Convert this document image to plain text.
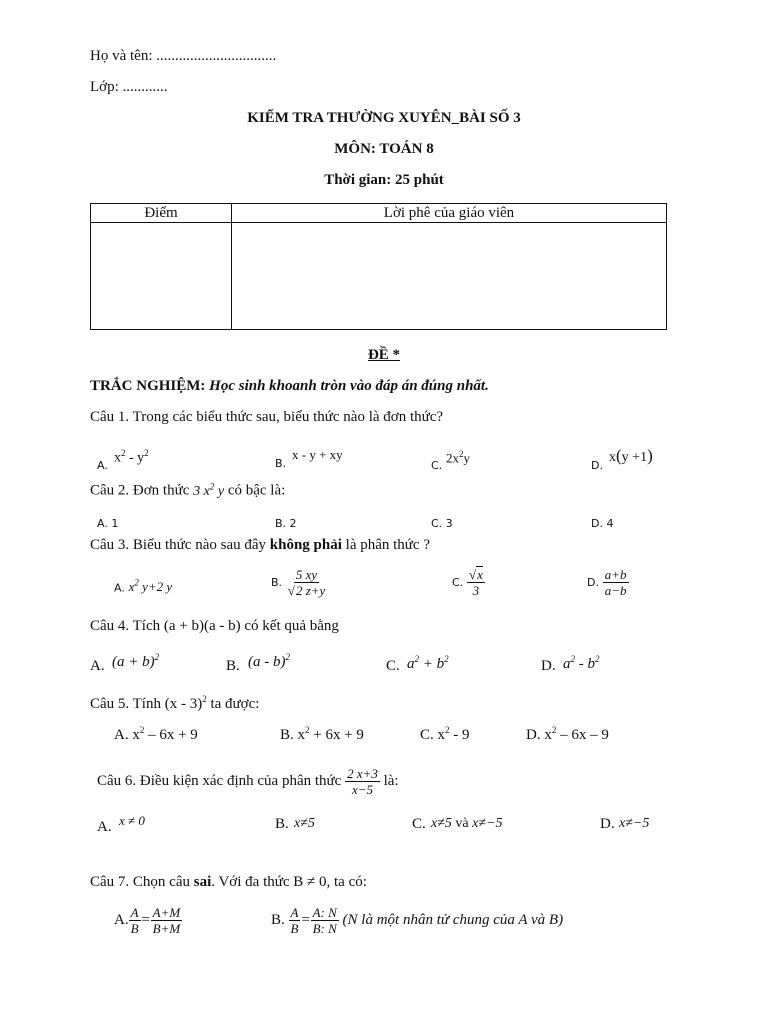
Họ và tên: ................................
Lớp: ............
KIỂM TRA THƯỜNG XUYÊN_BÀI SỐ 3
MÔN: TOÁN 8
Thời gian: 25 phút
Điểm	Lời phê của giáo viên

ĐỀ *
TRẮC NGHIỆM: Học sinh khoanh tròn vào đáp án đúng nhất.
Câu 1. Trong các biểu thức sau, biểu thức nào là đơn thức?
A. $x^2 - y^2$
B.
x - y + xy
C.
$2x^2y$
D.
x(y +1)
Câu 2. Đơn thức 3 $x^2$ y có bậc là:
A. 1	B. 2	C. 3	D. 4
Câu 3. Biểu thức nào sau đây không phải là phân thức ?
A. $x^2$ y+2 y	B. $\frac{5 xy}{√2 z+y}$	C. $\frac{√x}{3}$	D. $\frac{a+b}{a-b}$
Câu 4. Tích (a + b)(a - b) có kết quả bằng
A. $(a + b)^2$
B. (a - b)$^2$
C. $a^2 + b^2$	D. $a^2 - b^2$
Câu 5. Tính (x - 3)$^2$ ta được:
A. $x^2 - 6x + 9$	B. $x^2 + 6x + 9$	C. $x^2 - 9$	D. $x^2 - 6x - 9$
Câu 6. Điều kiện xác định của phân thức $\frac{2 x+3}{x-5}$ là:
A. x ≠ 0	B. x≠5	C. x≠5 và x≠−5	D. x≠−5
Câu 7. Chọn câu sai. Với đa thức B ≠ 0, ta có:
A. $\frac{A}{B} = \frac{A+M}{B+M}$	B. $\frac{A}{B} = \frac{A: N}{B: N} (N$ là một nhân tử chung của A và B)
